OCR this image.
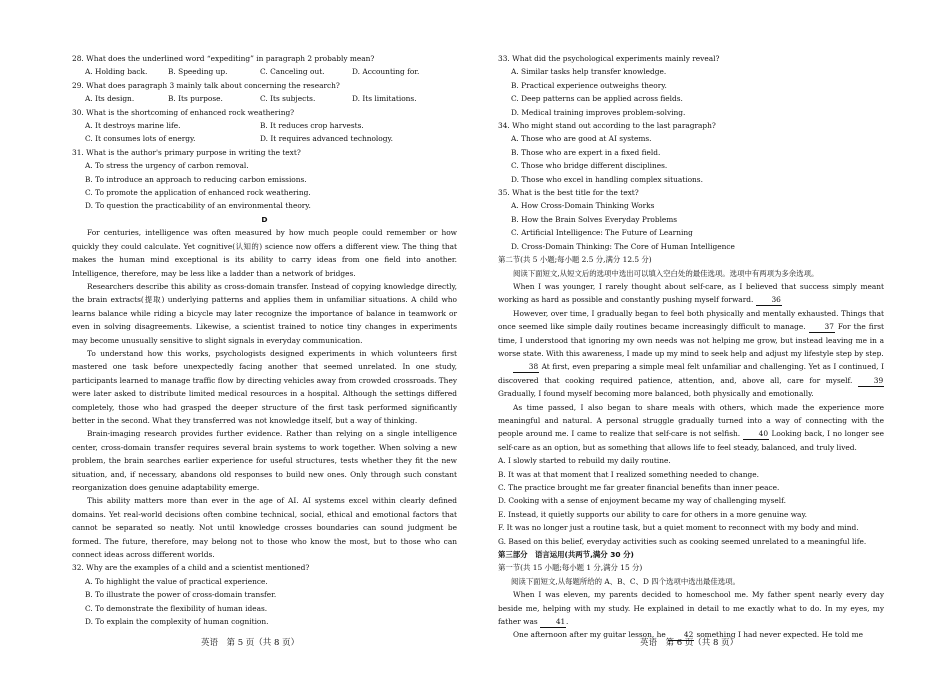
28. What does the underlined word “expediting” in paragraph 2 probably mean?
A. Holding back.	B. Speeding up.	C. Canceling out.	D. Accounting for.
29. What does paragraph 3 mainly talk about concerning the research?
A. Its design.	B. Its purpose.	C. Its subjects.	D. Its limitations.
30. What is the shortcoming of enhanced rock weathering?
A. It destroys marine life.	B. It reduces crop harvests.
C. It consumes lots of energy.	D. It requires advanced technology.
31. What is the author's primary purpose in writing the text?
A. To stress the urgency of carbon removal.
B. To introduce an approach to reducing carbon emissions.
C. To promote the application of enhanced rock weathering.
D. To question the practicability of an environmental theory.
D
For centuries, intelligence was often measured by how much people could remember or how quickly they could calculate. Yet cognitive(认知的) science now offers a different view. The thing that makes the human mind exceptional is its ability to carry ideas from one field into another. Intelligence, therefore, may be less like a ladder than a network of bridges.
Researchers describe this ability as cross-domain transfer. Instead of copying knowledge directly, the brain extracts(提取) underlying patterns and applies them in unfamiliar situations. A child who learns balance while riding a bicycle may later recognize the importance of balance in teamwork or even in solving disagreements. Likewise, a scientist trained to notice tiny changes in experiments may become unusually sensitive to slight signals in everyday communication.
To understand how this works, psychologists designed experiments in which volunteers first mastered one task before unexpectedly facing another that seemed unrelated. In one study, participants learned to manage traffic flow by directing vehicles away from crowded crossroads. They were later asked to distribute limited medical resources in a hospital. Although the settings differed completely, those who had grasped the deeper structure of the first task performed significantly better in the second. What they transferred was not knowledge itself, but a way of thinking.
Brain-imaging research provides further evidence. Rather than relying on a single intelligence center, cross-domain transfer requires several brain systems to work together. When solving a new problem, the brain searches earlier experience for useful structures, tests whether they fit the new situation, and, if necessary, abandons old responses to build new ones. Only through such constant reorganization does genuine adaptability emerge.
This ability matters more than ever in the age of AI. AI systems excel within clearly defined domains. Yet real-world decisions often combine technical, social, ethical and emotional factors that cannot be separated so neatly. Not until knowledge crosses boundaries can sound judgment be formed. The future, therefore, may belong not to those who know the most, but to those who can connect ideas across different worlds.
32. Why are the examples of a child and a scientist mentioned?
A. To highlight the value of practical experience.
B. To illustrate the power of cross-domain transfer.
C. To demonstrate the flexibility of human ideas.
D. To explain the complexity of human cognition.
英语　第 5 页（共 8 页）
33. What did the psychological experiments mainly reveal?
A. Similar tasks help transfer knowledge.
B. Practical experience outweighs theory.
C. Deep patterns can be applied across fields.
D. Medical training improves problem-solving.
34. Who might stand out according to the last paragraph?
A. Those who are good at AI systems.
B. Those who are expert in a fixed field.
C. Those who bridge different disciplines.
D. Those who excel in handling complex situations.
35. What is the best title for the text?
A. How Cross-Domain Thinking Works
B. How the Brain Solves Everyday Problems
C. Artificial Intelligence: The Future of Learning
D. Cross-Domain Thinking: The Core of Human Intelligence
第二节(共 5 小题;每小题 2.5 分,满分 12.5 分)
阅读下面短文,从短文后的选项中选出可以填入空白处的最佳选项。选项中有两项为多余选项。
When I was younger, I rarely thought about self-care, as I believed that success simply meant working as hard as possible and constantly pushing myself forward. 36
However, over time, I gradually began to feel both physically and mentally exhausted. Things that once seemed like simple daily routines became increasingly difficult to manage.	37 For the first time, I understood that ignoring my own needs was not helping me grow, but instead leaving me in a worse state. With this awareness, I made up my mind to seek help and adjust my lifestyle step by step.
38 At first, even preparing a simple meal felt unfamiliar and challenging. Yet as I continued, I discovered that cooking required patience, attention, and, above all, care for myself.	39 Gradually, I found myself becoming more balanced, both physically and emotionally.
As time passed, I also began to share meals with others, which made the experience more meaningful and natural. A personal struggle gradually turned into a way of connecting with the people around me. I came to realize that self-care is not selfish. 40 Looking back, I no longer see self-care as an option, but as something that allows life to feel steady, balanced, and truly lived.
A. I slowly started to rebuild my daily routine.
B. It was at that moment that I realized something needed to change.
C. The practice brought me far greater financial benefits than inner peace.
D. Cooking with a sense of enjoyment became my way of challenging myself.
E. Instead, it quietly supports our ability to care for others in a more genuine way.
F. It was no longer just a routine task, but a quiet moment to reconnect with my body and mind.
G. Based on this belief, everyday activities such as cooking seemed unrelated to a meaningful life.
第三部分　语言运用(共两节,满分 30 分)
第一节(共 15 小题;每小题 1 分,满分 15 分)
阅读下面短文,从每题所给的 A、B、C、D 四个选项中选出最佳选项。
When I was eleven, my parents decided to homeschool me. My father spent nearly every day beside me, helping with my study. He explained in detail to me exactly what to do. In my eyes, my father was 41.
One afternoon after my guitar lesson, he 42 something I had never expected. He told me
英语　第 6 页（共 8 页）
